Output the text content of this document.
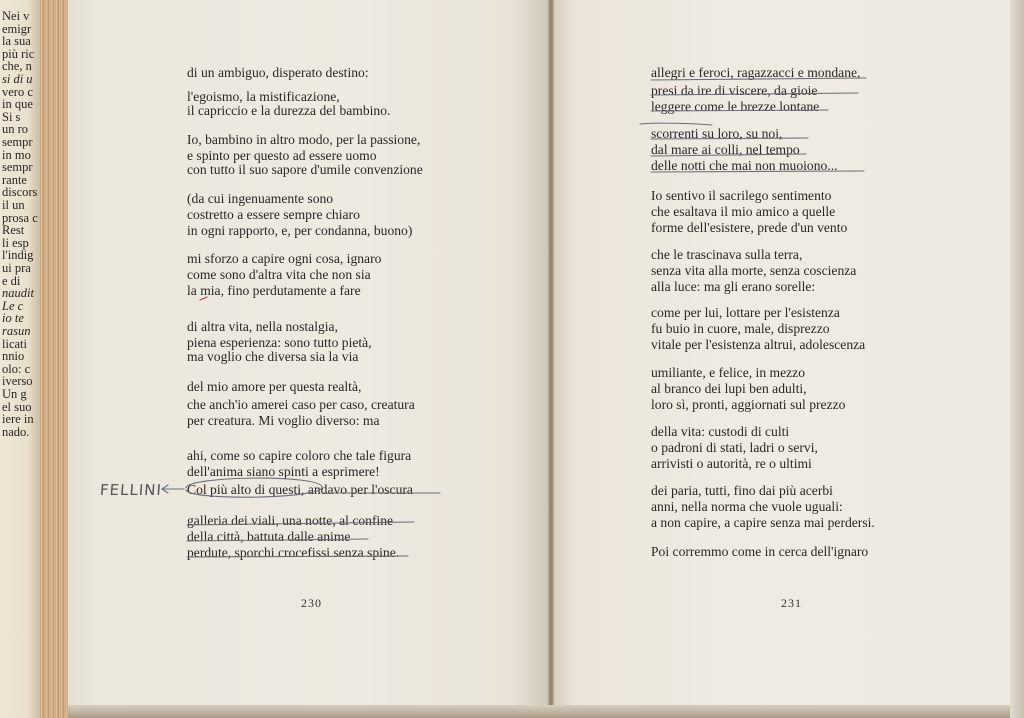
Nei v
emigr
la sua
più ric
che, n
si di u
vero c
in que
Si s
un ro
sempr
in mo
sempr
rante
discors
il un
prosa c
Rest
li esp
l'indig
ui pra
e di
naudit
Le c
io te
rasun
licati
nnio
olo: c
iverso
Un g
el suo
iere in
nado.
di un ambiguo, disperato destino:
l'egoismo, la mistificazione,
il capriccio e la durezza del bambino.
Io, bambino in altro modo, per la passione,
e spinto per questo ad essere uomo
con tutto il suo sapore d'umile convenzione
(da cui ingenuamente sono
costretto a essere sempre chiaro
in ogni rapporto, e, per condanna, buono)
mi sforzo a capire ogni cosa, ignaro
come sono d'altra vita che non sia
la mia, fino perdutamente a fare
di altra vita, nella nostalgia,
piena esperienza: sono tutto pietà,
ma voglio che diversa sia la via
del mio amore per questa realtà,
che anch'io amerei caso per caso, creatura
per creatura. Mi voglio diverso: ma
ahi, come so capire coloro che tale figura
dell'anima siano spinti a esprimere!
Col più alto di questi, andavo per l'oscura
galleria dei viali, una notte, al confine
della città, battuta dalle anime
perdute, sporchi crocefissi senza spine.
230
allegri e feroci, ragazzacci e mondane,
presi da ire di viscere, da gioie
leggere come le brezze lontane
scorrenti su loro, su noi,
dal mare ai colli, nel tempo
delle notti che mai non muoiono...
Io sentivo il sacrilego sentimento
che esaltava il mio amico a quelle
forme dell'esistere, prede d'un vento
che le trascinava sulla terra,
senza vita alla morte, senza coscienza
alla luce: ma gli erano sorelle:
come per lui, lottare per l'esistenza
fu buio in cuore, male, disprezzo
vitale per l'esistenza altrui, adolescenza
umiliante, e felice, in mezzo
al branco dei lupi ben adulti,
loro sì, pronti, aggiornati sul prezzo
della vita: custodi di culti
o padroni di stati, ladri o servi,
arrivisti o autorità, re o ultimi
dei paria, tutti, fino dai più acerbi
anni, nella norma che vuole uguali:
a non capire, a capire senza mai perdersi.
Poi corremmo come in cerca dell'ignaro
231
FELLINI
